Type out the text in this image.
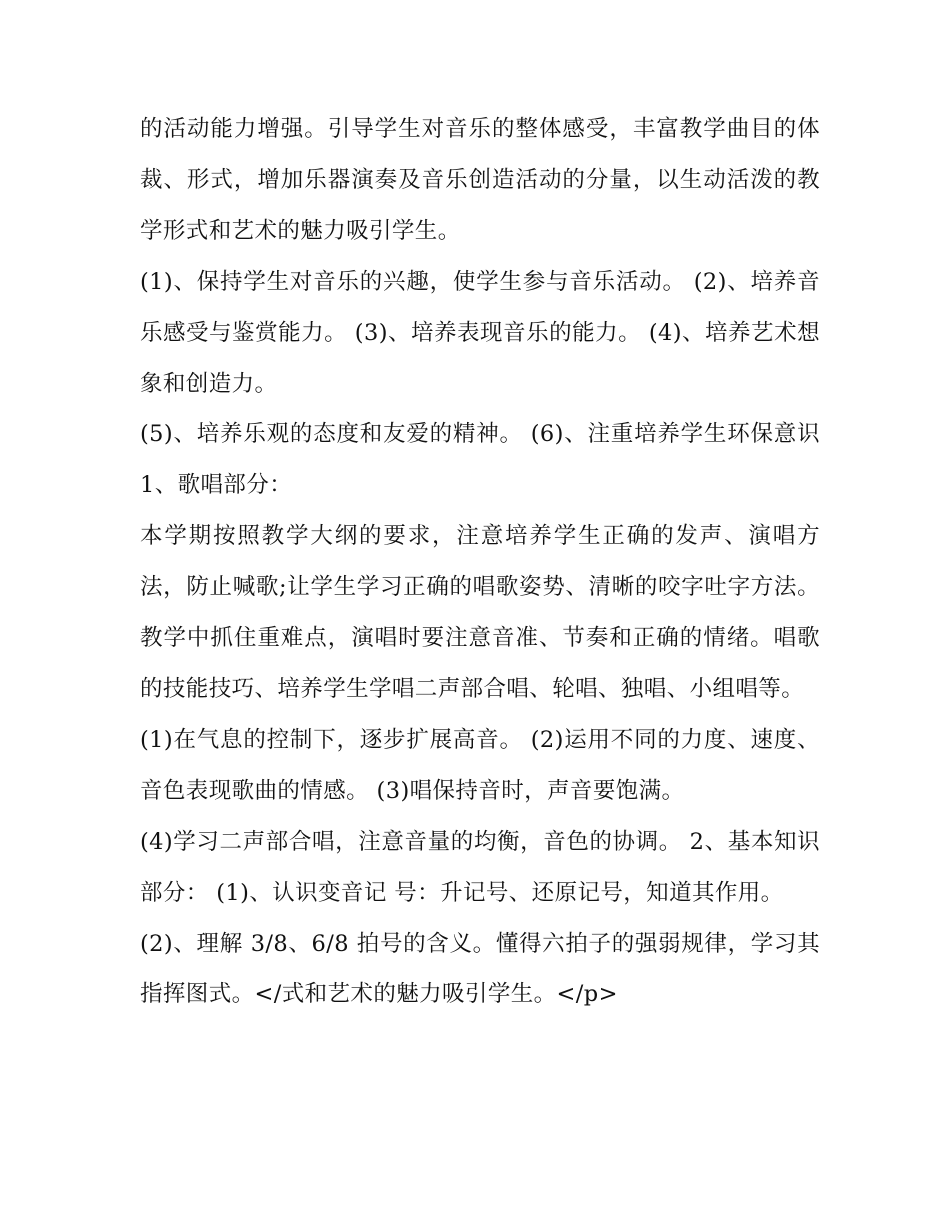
的活动能力增强。引导学生对音乐的整体感受，丰富教学曲目的体裁、形式，增加乐器演奏及音乐创造活动的分量，以生动活泼的教学形式和艺术的魅力吸引学生。

(1)、保持学生对音乐的兴趣，使学生参与音乐活动。 (2)、培养音乐感受与鉴赏能力。 (3)、培养表现音乐的能力。 (4)、培养艺术想象和创造力。

(5)、培养乐观的态度和友爱的精神。 (6)、注重培养学生环保意识 1、歌唱部分：

本学期按照教学大纲的要求，注意培养学生正确的发声、演唱方法，防止喊歌;让学生学习正确的唱歌姿势、清晰的咬字吐字方法。教学中抓住重难点，演唱时要注意音准、节奏和正确的情绪。唱歌的技能技巧、培养学生学唱二声部合唱、轮唱、独唱、小组唱等。

(1)在气息的控制下，逐步扩展高音。 (2)运用不同的力度、速度、音色表现歌曲的情感。 (3)唱保持音时，声音要饱满。

(4)学习二声部合唱，注意音量的均衡，音色的协调。 2、基本知识部分： (1)、认识变音记 号：升记号、还原记号，知道其作用。

(2)、理解 3/8、6/8 拍号的含义。懂得六拍子的强弱规律，学习其指挥图式。</式和艺术的魅力吸引学生。</p>
